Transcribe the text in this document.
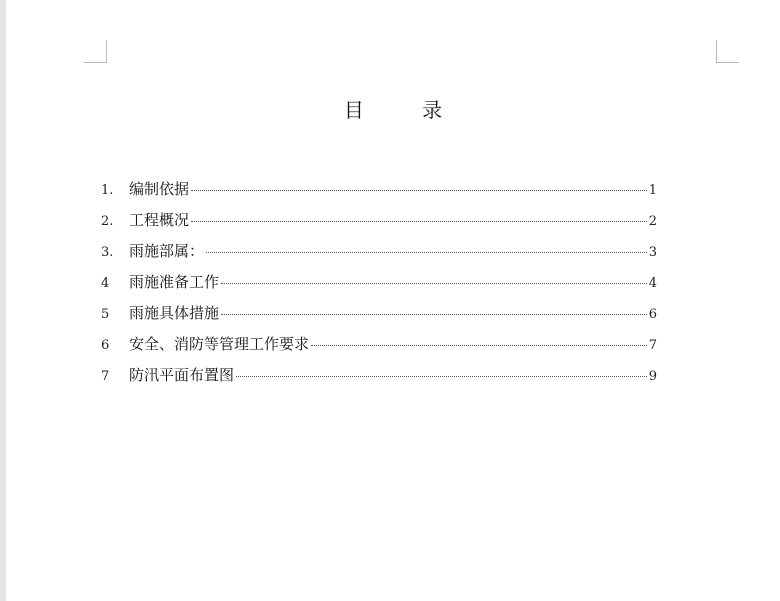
目 录
1.	编制依据	1
2.	工程概况	2
3.	雨施部属：	3
4	雨施准备工作	4
5	雨施具体措施	6
6	安全、消防等管理工作要求	7
7	防汛平面布置图	9
